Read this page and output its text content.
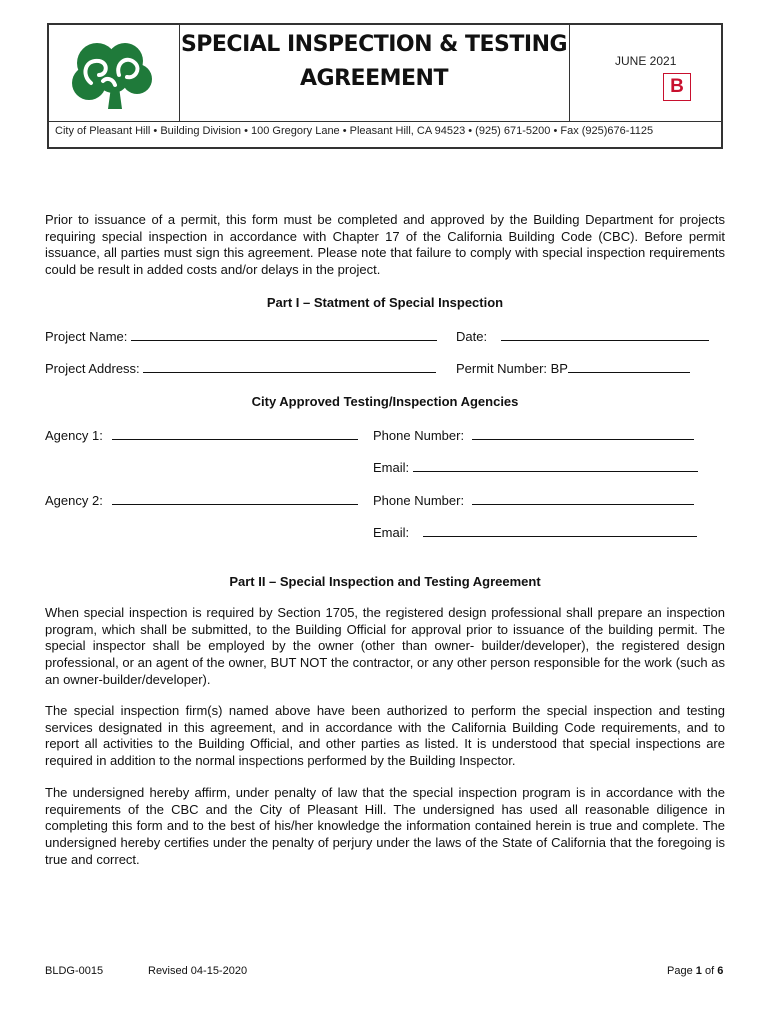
SPECIAL INSPECTION & TESTING
AGREEMENT
JUNE 2021
B
City of Pleasant Hill • Building Division • 100 Gregory Lane • Pleasant Hill, CA 94523 • (925) 671-5200 • Fax (925)676-1125
Prior to issuance of a permit, this form must be completed and approved by the Building Department for projects requiring special inspection in accordance with Chapter 17 of the California Building Code (CBC). Before permit issuance, all parties must sign this agreement. Please note that failure to comply with special inspection requirements could be result in added costs and/or delays in the project.
Part I – Statment of Special Inspection
Project Name:	Date:
Project Address:	Permit Number: BP
City Approved Testing/Inspection Agencies
Agency 1:	Phone Number:
Email:
Agency 2:	Phone Number:
Email:
Part II – Special Inspection and Testing Agreement
When special inspection is required by Section 1705, the registered design professional shall prepare an inspection program, which shall be submitted, to the Building Official for approval prior to issuance of the building permit. The special inspector shall be employed by the owner (other than owner- builder/developer), the registered design professional, or an agent of the owner, BUT NOT the contractor, or any other person responsible for the work (such as an owner-builder/developer).
The special inspection firm(s) named above have been authorized to perform the special inspection and testing services designated in this agreement, and in accordance with the California Building Code requirements, and to report all activities to the Building Official, and other parties as listed. It is understood that special inspections are required in addition to the normal inspections performed by the Building Inspector.
The undersigned hereby affirm, under penalty of law that the special inspection program is in accordance with the requirements of the CBC and the City of Pleasant Hill. The undersigned has used all reasonable diligence in completing this form and to the best of his/her knowledge the information contained herein is true and complete. The undersigned hereby certifies under the penalty of perjury under the laws of the State of California that the foregoing is true and correct.
BLDG-0015	Revised 04-15-2020	Page 1 of 6
